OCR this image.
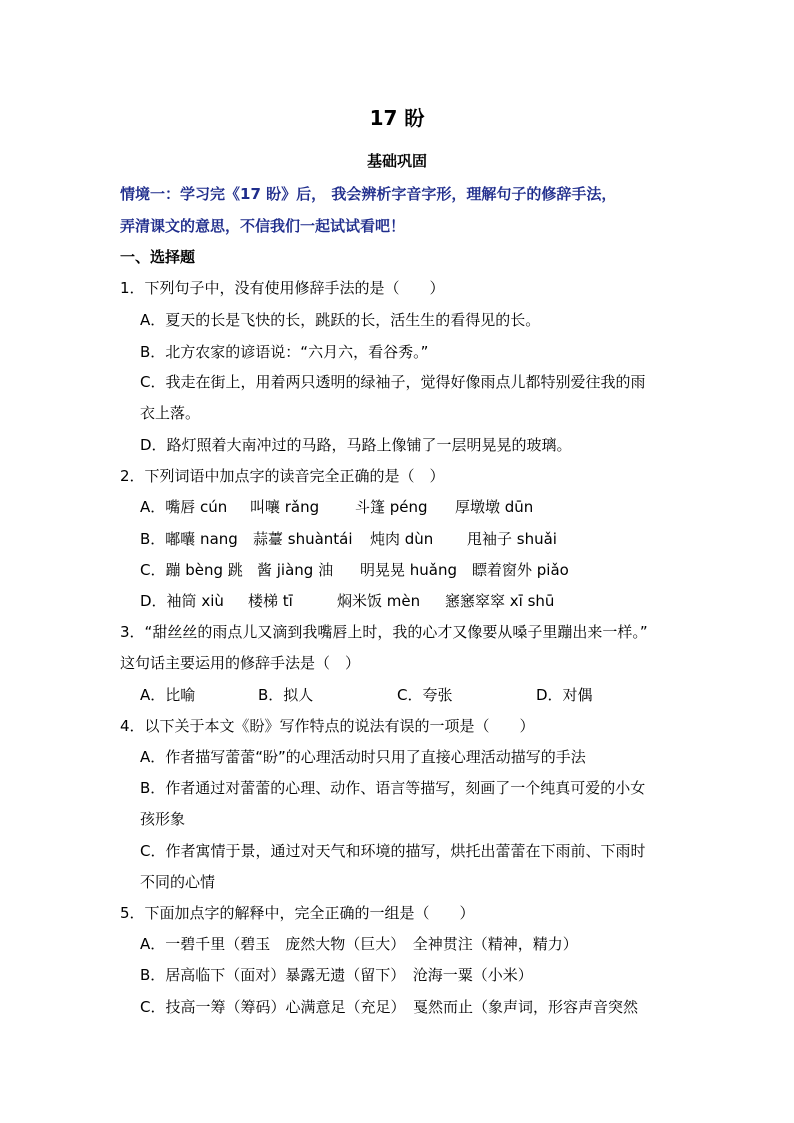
17 盼
基础巩固
情境一：学习完《17 盼》后， 我会辨析字音字形，理解句子的修辞手法，
弄清课文的意思，不信我们一起试试看吧！
一、选择题
1．下列句子中，没有使用修辞手法的是（　　）
A．夏天的长是飞快的长，跳跃的长，活生生的看得见的长。
B．北方农家的谚语说：“六月六，看谷秀。”
C．我走在街上，用着两只透明的绿袖子，觉得好像雨点儿都特别爱往我的雨
衣上落。
D．路灯照着大南冲过的马路，马路上像铺了一层明晃晃的玻璃。
2．下列词语中加点字的读音完全正确的是（　）
A．嘴唇 cún 叫嚷 rǎng 斗篷 péng 厚墩墩 dūn
B．嘟囔 nang 蒜薹 shuàntái 炖肉 dùn 甩袖子 shuǎi
C．蹦 bèng 跳 酱 jiàng 油 明晃晃 huǎng 瞟着窗外 piǎo
D．袖筒 xiù 楼梯 tī	焖米饭 mèn 窸窸窣窣 xī shū
3．“甜丝丝的雨点儿又滴到我嘴唇上时，我的心才又像要从嗓子里蹦出来一样。”
这句话主要运用的修辞手法是（　）
A．比喻	B．拟人	C．夸张	D．对偶
4．以下关于本文《盼》写作特点的说法有误的一项是（　　）
A．作者描写蕾蕾“盼”的心理活动时只用了直接心理活动描写的手法
B．作者通过对蕾蕾的心理、动作、语言等描写，刻画了一个纯真可爱的小女
孩形象
C．作者寓情于景，通过对天气和环境的描写，烘托出蕾蕾在下雨前、下雨时
不同的心情
5．下面加点字的解释中，完全正确的一组是（　　）
A．一碧千里（碧玉　庞然大物（巨大）　全神贯注（精神，精力）
B．居高临下（面对）暴露无遗（留下）　沧海一粟（小米）
C．技高一筹（筹码）心满意足（充足）　戛然而止（象声词，形容声音突然
